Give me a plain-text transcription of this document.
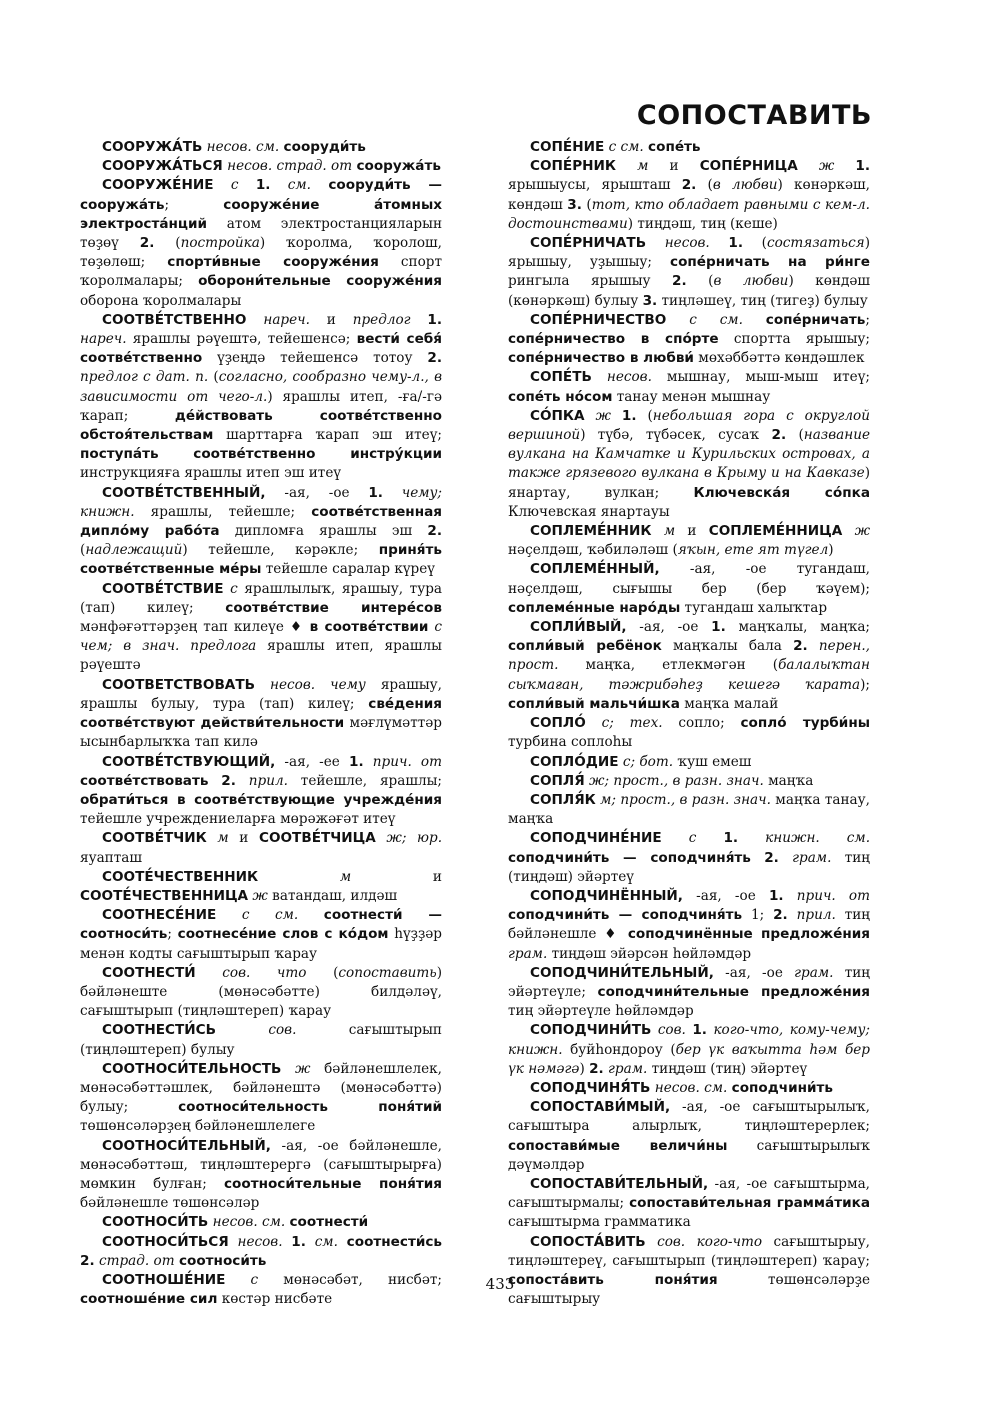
СОПОСТАВИТЬ

СООРУЖА́ТЬ несов. см. сооруди́ть

СООРУЖА́ТЬСЯ несов. страд. от сооружа́ть

СООРУЖЕ́НИЕ с 1. см. сооруди́ть — сооружа́ть; сооруже́ние а́томных электроста́нций атом электростанцияларын төҙөү 2. (постройка) ҡоролма, ҡоролош, төҙөлөш; спорти́вные сооруже́ния спорт ҡоролмалары; оборони́тельные сооруже́ния оборона ҡоролмалары

СООТВЕ́ТСТВЕННО нареч. и предлог 1. нареч. ярашлы рәүештә, тейешенсә; вести́ себя́ соотве́тственно үҙеңдә тейешенсә тотоу 2. предлог с дат. п. (согласно, сообразно чему-л., в зависимости от чего-л.) ярашлы итеп, -ға/-гә ҡарап; де́йствовать соотве́тственно обстоя́тельствам шарттарға ҡарап эш итеү; поступа́ть соотве́тственно инстру́кции инструкцияға ярашлы итеп эш итеү

СООТВЕ́ТСТВЕННЫЙ, -ая, -ое 1. чему; книжн. ярашлы, тейешле; соотве́тственная дипло́му рабо́та дипломға ярашлы эш 2. (надлежащий) тейешле, кәрәкле; приня́ть соотве́тственные ме́ры тейешле саралар күреү

СООТВЕ́ТСТВИЕ с ярашлылыҡ, ярашыу, тура (тап) килеү; соотве́тствие интере́сов мәнфәғәттәрҙең тап килеүе ♦ в соотве́тствии с чем; в знач. предлога ярашлы итеп, ярашлы рәүештә

СООТВЕТСТВОВАТЬ несов. чему ярашыу, ярашлы булыу, тура (тап) килеү; све́дения соотве́тствуют действи́тельности мәғлүмәттәр ысынбарлыҡҡа тап килә

СООТВЕ́ТСТВУЮЩИЙ, -ая, -ее 1. прич. от соотве́тствовать 2. прил. тейешле, ярашлы; обрати́ться в соотве́тствующие учрежде́ния тейешле учреждениеларға мөрәжәғәт итеү

СООТВЕ́ТЧИК м и СООТВЕ́ТЧИЦА ж; юр. яуапташ

СООТЕ́ЧЕСТВЕННИК	м и СООТЕ́ЧЕСТВЕННИЦА ж ватандаш, илдәш

СООТНЕСЕ́НИЕ с см. соотнести́ — соотноси́ть; соотнесе́ние слов с ко́дом һүҙҙәр менән кодты сағыштырып ҡарау

СООТНЕСТИ́ сов. что (сопоставить) бәйләнеште (мөнәсәбәтте) билдәләү, сағыштырып (тиңләштереп) ҡарау

СООТНЕСТИ́СЬ	сов. сағыштырып (тиңләштереп) булыу

СООТНОСИ́ТЕЛЬНОСТЬ ж бәйләнешлелек, мөнәсәбәттәшлек, бәйләнештә (мөнәсәбәттә) булыу; соотноси́тельность поня́тий төшөнсәләрҙең бәйләнешлелеге

СООТНОСИ́ТЕЛЬНЫЙ, -ая, -ое бәйләнешле, мөнәсәбәттәш, тиңләштерергә (сағыштырырға) мөмкин булған; соотноси́тельные поня́тия бәйләнешле төшөнсәләр

СООТНОСИ́ТЬ несов. см. соотнести́

СООТНОСИ́ТЬСЯ несов. 1. см. соотнести́сь 2. страд. от соотноси́ть

СООТНОШЕ́НИЕ с мөнәсәбәт, нисбәт; соотноше́ние сил көстәр нисбәте

СОПЕ́НИЕ с см. сопе́ть

СОПЕ́РНИК м и СОПЕ́РНИЦА ж 1. ярышыусы, ярышташ 2. (в любви) көнәркәш, көндәш 3. (тот, кто обладает равными с кем-л. достоинствами) тиңдәш, тиң (кеше)

СОПЕ́РНИЧАТЬ несов. 1. (состязаться) ярышыу, уҙышыу; сопе́рничать на ри́нге рингыла ярышыу 2. (в любви) көндәш (көнәркәш) булыу 3. тиңләшеү, тиң (тигеҙ) булыу

СОПЕ́РНИЧЕСТВО с см. сопе́рничать; сопе́рничество в спо́рте спортта ярышыу; сопе́рничество в любви́ мөхәббәттә көндәшлек

СОПЕ́ТЬ несов. мышнау, мыш-мыш итеү; сопе́ть но́сом танау менән мышнау

СО́ПКА ж 1. (небольшая гора с округлой вершиной) түбә, түбәсек, сусаҡ 2. (название вулкана на Камчатке и Курильских островах, а также грязевого вулкана в Крыму и на Кавказе) янартау, вулкан; Ключевска́я со́пка Ключевская янартауы

СОПЛЕМЕ́ННИК м и СОПЛЕМЕ́ННИЦА ж нәҫелдәш, ҡәбиләләш (яҡын, ете ят түгел)

СОПЛЕМЕ́ННЫЙ, -ая, -ое тугандаш, нәҫелдәш, сығышы бер (бер ҡәүем); соплеме́нные наро́ды тугандаш халыҡтар

СОПЛИ́ВЫЙ, -ая, -ое 1. маңҡалы, маңҡа; сопли́вый ребёнок маңҡалы бала 2. перен., прост. маңҡа, етлекмәгән (балалыҡтан сыҡмаған, тәжрибәһеҙ кешегә ҡарата); сопли́вый мальчи́шка маңҡа малай

СОПЛО́ с; тех. сопло; сопло́ турби́ны турбина соплоһы

СОПЛО́ДИЕ с; бот. ҡуш емеш

СОПЛЯ́ ж; прост., в разн. знач. маңҡа

СОПЛЯ́К м; прост., в разн. знач. маңҡа танау, маңҡа

СОПОДЧИНЕ́НИЕ с 1. книжн. см. соподчини́ть — соподчиня́ть 2. грам. тиң (тиңдәш) эйәртеү

СОПОДЧИНЁННЫЙ, -ая, -ое 1. прич. от соподчини́ть — соподчиня́ть 1; 2. прил. тиң бәйләнешле ♦ соподчинённые предложе́ния грам. тиңдәш эйәрсән һөйләмдәр

СОПОДЧИНИ́ТЕЛЬНЫЙ, -ая, -ое грам. тиң эйәртеүле; соподчини́тельные предложе́ния тиң эйәртеүле һөйләмдәр

СОПОДЧИНИ́ТЬ сов. 1. кого-что, кому-чему; книжн. буйһондороу (бер үк ваҡытта һәм бер үк нәмәгә) 2. грам. тиңдәш (тиң) эйәртеү

СОПОДЧИНЯ́ТЬ несов. см. соподчини́ть

СОПОСТАВИ́МЫЙ, -ая, -ое сағыштырылыҡ, сағыштыра алырлыҡ, тиңләштерерлек; сопостави́мые величи́ны сағыштырылыҡ дәүмәлдәр

СОПОСТАВИ́ТЕЛЬНЫЙ, -ая, -ое сағыштырма, сағыштырмалы; сопостави́тельная грамма́тика сағыштырма грамматика

СОПОСТА́ВИТЬ сов. кого-что сағыштырыу, тиңләштереү, сағыштырып (тиңләштереп) ҡарау; сопоста́вить поня́тия төшөнсәләрҙе сағыштырыу

433
